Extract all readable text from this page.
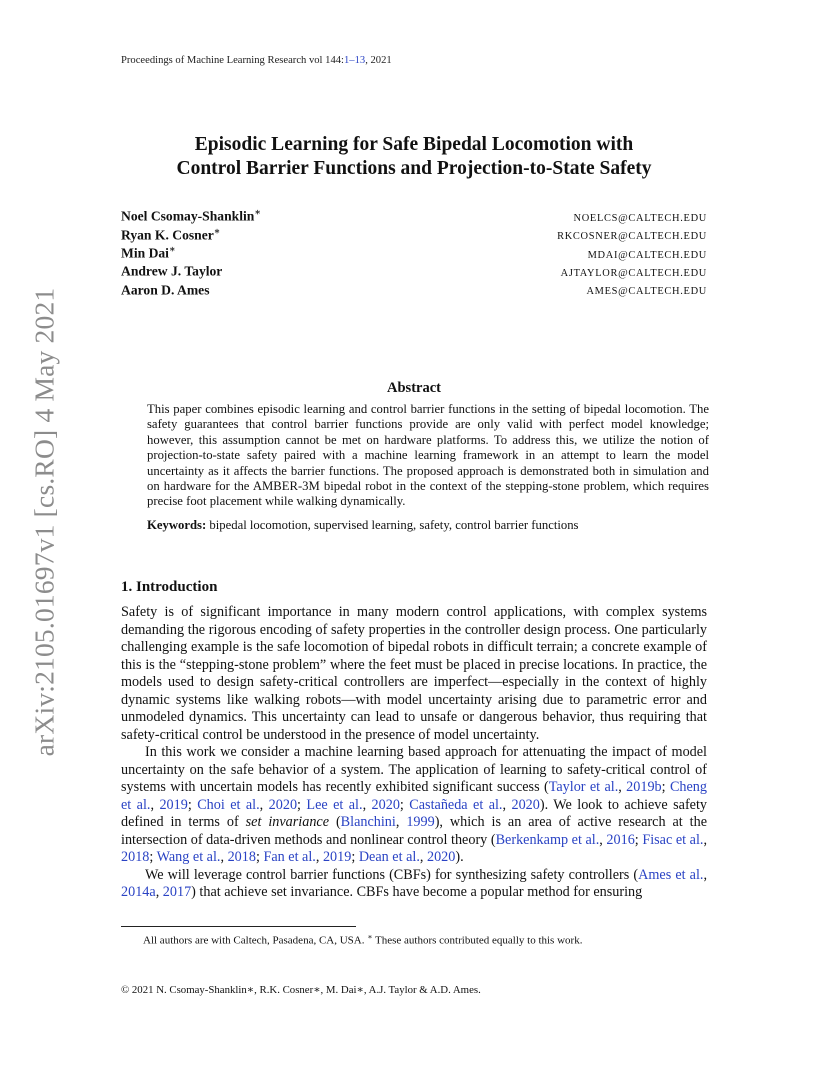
arXiv:2105.01697v1 [cs.RO] 4 May 2021
Proceedings of Machine Learning Research vol 144:1–13, 2021
Episodic Learning for Safe Bipedal Locomotion with
Control Barrier Functions and Projection-to-State Safety
Noel Csomay-Shanklin∗	NOELCS@CALTECH.EDU
Ryan K. Cosner∗	RKCOSNER@CALTECH.EDU
Min Dai∗	MDAI@CALTECH.EDU
Andrew J. Taylor	AJTAYLOR@CALTECH.EDU
Aaron D. Ames	AMES@CALTECH.EDU
Abstract
This paper combines episodic learning and control barrier functions in the setting of bipedal locomotion. The safety guarantees that control barrier functions provide are only valid with perfect model knowledge; however, this assumption cannot be met on hardware platforms. To address this, we utilize the notion of projection-to-state safety paired with a machine learning framework in an attempt to learn the model uncertainty as it affects the barrier functions. The proposed approach is demonstrated both in simulation and on hardware for the AMBER-3M bipedal robot in the context of the stepping-stone problem, which requires precise foot placement while walking dynamically.
Keywords: bipedal locomotion, supervised learning, safety, control barrier functions
1. Introduction

Safety is of significant importance in many modern control applications, with complex systems demanding the rigorous encoding of safety properties in the controller design process. One particularly challenging example is the safe locomotion of bipedal robots in difficult terrain; a concrete example of this is the “stepping-stone problem” where the feet must be placed in precise locations. In practice, the models used to design safety-critical controllers are imperfect—especially in the context of highly dynamic systems like walking robots—with model uncertainty arising due to parametric error and unmodeled dynamics. This uncertainty can lead to unsafe or dangerous behavior, thus requiring that safety-critical control be understood in the presence of model uncertainty.

In this work we consider a machine learning based approach for attenuating the impact of model uncertainty on the safe behavior of a system. The application of learning to safety-critical control of systems with uncertain models has recently exhibited significant success (Taylor et al., 2019b; Cheng et al., 2019; Choi et al., 2020; Lee et al., 2020; Castañeda et al., 2020). We look to achieve safety defined in terms of set invariance (Blanchini, 1999), which is an area of active research at the intersection of data-driven methods and nonlinear control theory (Berkenkamp et al., 2016; Fisac et al., 2018; Wang et al., 2018; Fan et al., 2019; Dean et al., 2020).

We will leverage control barrier functions (CBFs) for synthesizing safety controllers (Ames et al., 2014a, 2017) that achieve set invariance. CBFs have become a popular method for ensuring

All authors are with Caltech, Pasadena, CA, USA. ∗ These authors contributed equally to this work.
© 2021 N. Csomay-Shanklin∗, R.K. Cosner∗, M. Dai∗, A.J. Taylor & A.D. Ames.
